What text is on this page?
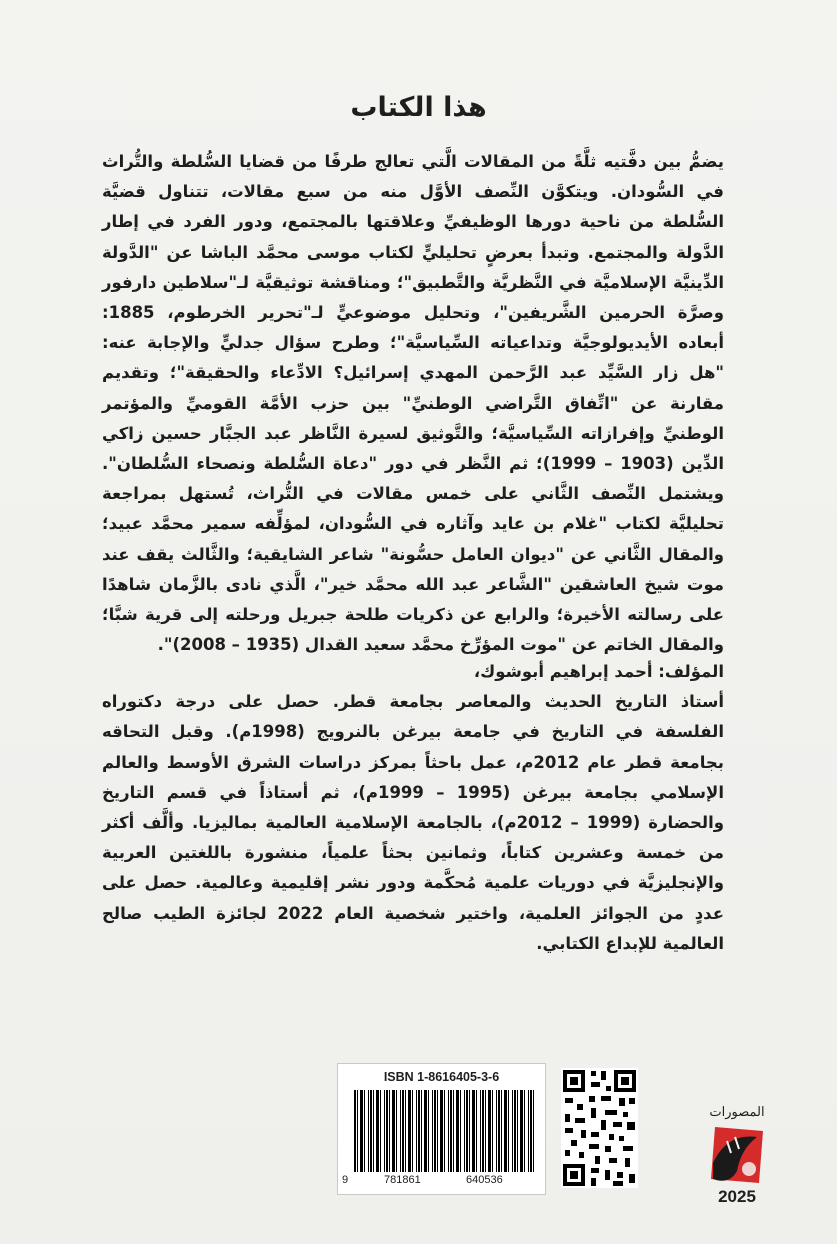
هذا الكتاب
يضمُّ بين دفَّتيه ثلَّةً من المقالات الَّتي تعالج طرفًا من قضايا السُّلطة والتُّراث في السُّودان. ويتكوَّن النِّصف الأوَّل منه من سبع مقالات، تتناول قضيَّة السُّلطة من ناحية دورها الوظيفيِّ وعلاقتها بالمجتمع، ودور الفرد في إطار الدَّولة والمجتمع. وتبدأ بعرضٍ تحليليٍّ لكتاب موسى محمَّد الباشا عن "الدَّولة الدِّينيَّة الإسلاميَّة في النَّظريَّة والتَّطبيق"؛ ومناقشة توثيقيَّة لـ"سلاطين دارفور وصرَّة الحرمين الشَّريفين"، وتحليل موضوعيٍّ لـ"تحرير الخرطوم، 1885: أبعاده الأيديولوجيَّة وتداعياته السِّياسيَّة"؛ وطرح سؤال جدليٍّ والإجابة عنه: "هل زار السَّيِّد عبد الرَّحمن المهدي إسرائيل؟ الادِّعاء والحقيقة"؛ وتقديم مقارنة عن "اتِّفاق التَّراضي الوطنيِّ" بين حزب الأمَّة القوميِّ والمؤتمر الوطنيِّ وإفرازاته السِّياسيَّة؛ والتَّوثيق لسيرة النَّاظر عبد الجبَّار حسين زاكي الدِّين (1903 – 1999)؛ ثم النَّظر في دور "دعاة السُّلطة ونصحاء السُّلطان". ويشتمل النِّصف الثَّاني على خمس مقالات في التُّراث، تُستهل بمراجعة تحليليَّة لكتاب "غلام بن عايد وآثاره في السُّودان، لمؤلِّفه سمير محمَّد عبيد؛ والمقال الثَّاني عن "ديوان العامل حسُّونة" شاعر الشايقية؛ والثَّالث يقف عند موت شيخ العاشقين "الشَّاعر عبد الله محمَّد خير"، الَّذي نادى بالزَّمان شاهدًا على رسالته الأخيرة؛ والرابع عن ذكريات طلحة جبريل ورحلته إلى قرية شبَّا؛ والمقال الخاتم عن "موت المؤرِّخ محمَّد سعيد القدال (1935 – 2008)".
المؤلف: أحمد إبراهيم أبوشوك،
أستاذ التاريخ الحديث والمعاصر بجامعة قطر. حصل على درجة دكتوراه الفلسفة في التاريخ في جامعة بيرغن بالنرويج (1998م). وقبل التحاقه بجامعة قطر عام 2012م، عمل باحثاً بمركز دراسات الشرق الأوسط والعالم الإسلامي بجامعة بيرغن (1995 – 1999م)، ثم أستاذاً في قسم التاريخ والحضارة (1999 – 2012م)، بالجامعة الإسلامية العالمية بماليزيا. وألَّف أكثر من خمسة وعشرين كتاباً، وثمانين بحثاً علمياً، منشورة باللغتين العربية والإنجليزيَّة في دوريات علمية مُحكَّمة ودور نشر إقليمية وعالمية. حصل على عددٍ من الجوائز العلمية، واختير شخصية العام 2022 لجائزة الطيب صالح العالمية للإبداع الكتابي.
ISBN 1-8616405-3-6
9	781861	640536
المصورات
2025
